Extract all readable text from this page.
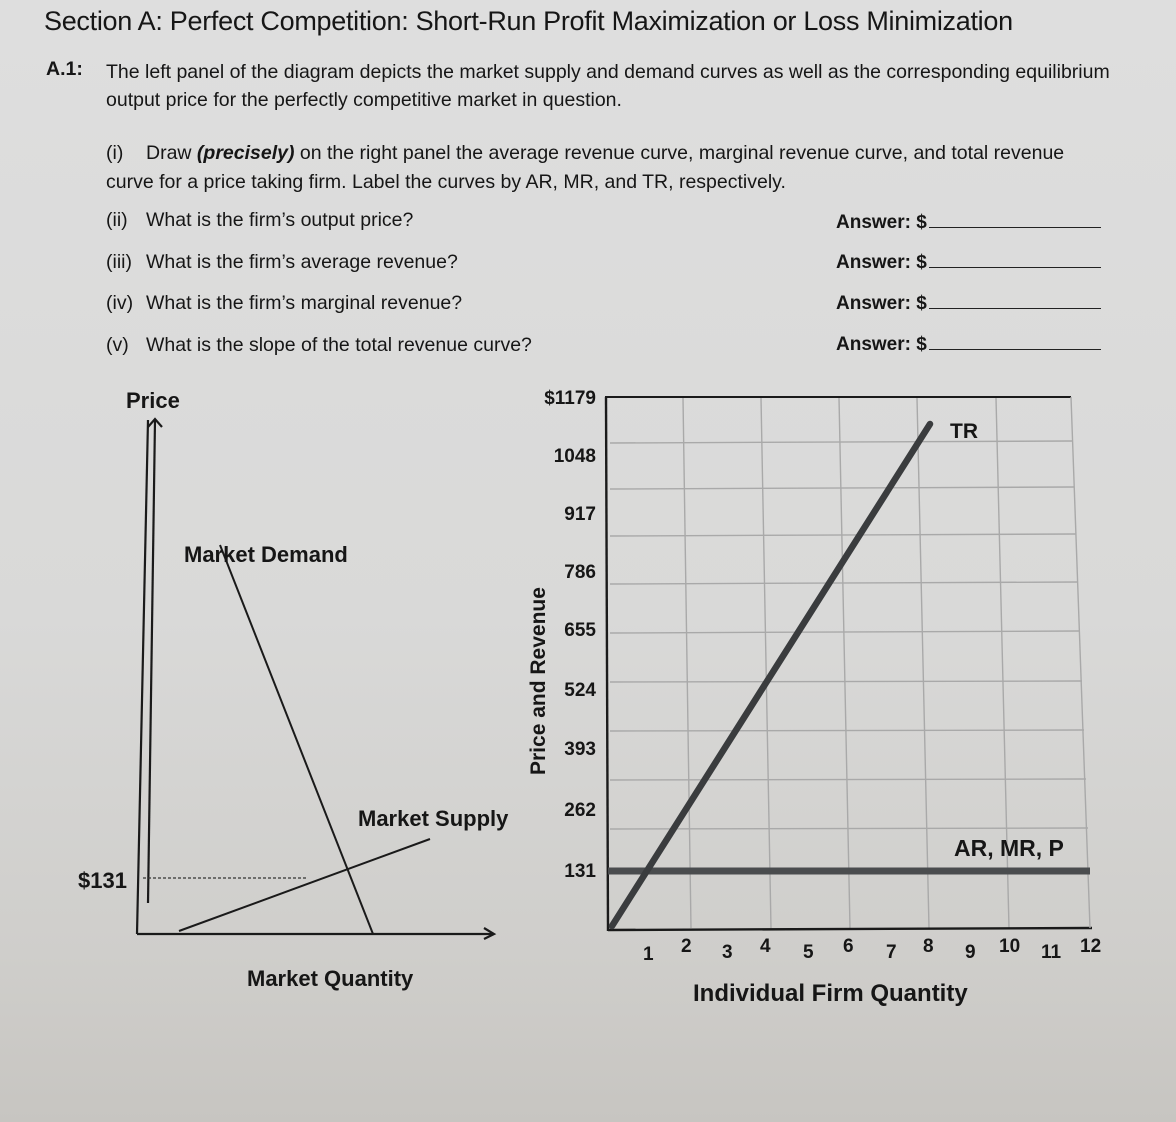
Section A: Perfect Competition: Short-Run Profit Maximization or Loss Minimization
A.1: The left panel of the diagram depicts the market supply and demand curves as well as the corresponding equilibrium output price for the perfectly competitive market in question.
(i) Draw (precisely) on the right panel the average revenue curve, marginal revenue curve, and total revenue curve for a price taking firm. Label the curves by AR, MR, and TR, respectively.
(ii) What is the firm’s output price?	Answer: $
(iii) What is the firm’s average revenue?	Answer: $
(iv) What is the firm’s marginal revenue?	Answer: $
(v) What is the slope of the total revenue curve?	Answer: $
Price
Market Demand
Market Supply
$131
Market Quantity
Price and Revenue
$1179
1048
917
786
655
524
393
262
131
1 2 3 4 5 6 7 8 9 10 11 12
Individual Firm Quantity
TR
AR, MR, P
